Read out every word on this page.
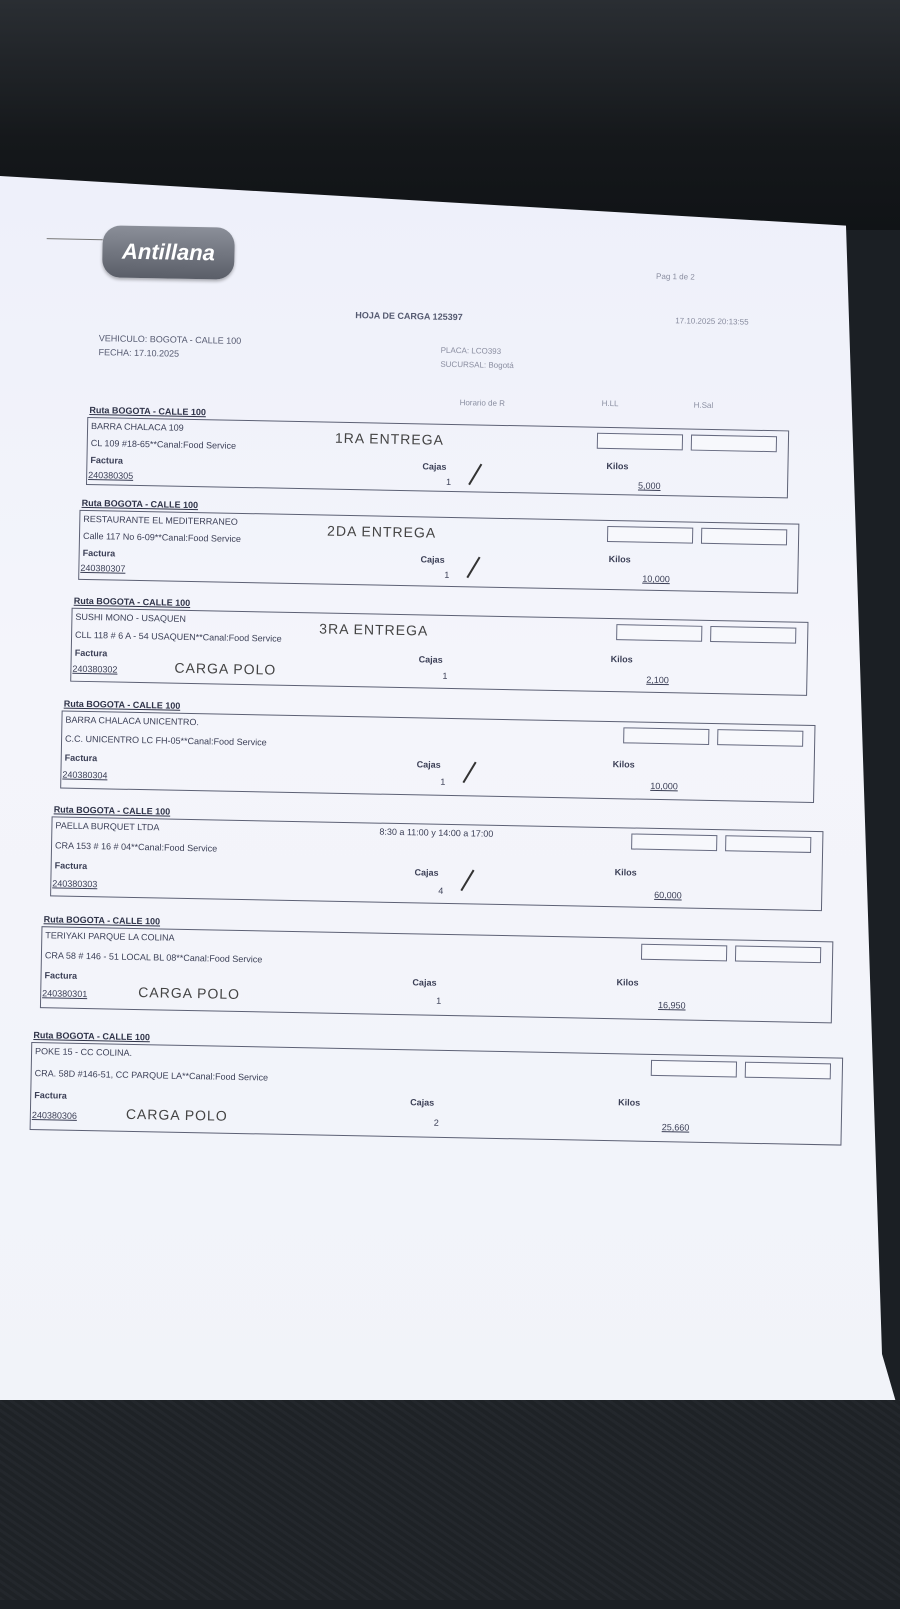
Antillana
Pag 1 de 2
HOJA DE CARGA 125397	17.10.2025 20:13:55
VEHICULO: BOGOTA - CALLE 100
FECHA: 17.10.2025	PLACA: LCO393
SUCURSAL: Bogotá
Horario de R	H.LL	H.Sal
Ruta BOGOTA - CALLE 100
BARRA CHALACA 109
CL 109 #18-65**Canal:Food Service
Factura
240380305
Cajas
1
Kilos
5,000
1RA ENTREGA
Ruta BOGOTA - CALLE 100
RESTAURANTE EL MEDITERRANEO
Calle 117 No 6-09**Canal:Food Service
Factura
240380307
Cajas
1
Kilos
10,000
2DA ENTREGA
Ruta BOGOTA - CALLE 100
SUSHI MONO - USAQUEN
CLL 118 # 6 A - 54 USAQUEN**Canal:Food Service
Factura
240380302
Cajas
1
Kilos
2,100
3RA ENTREGA
CARGA POLO
Ruta BOGOTA - CALLE 100
BARRA CHALACA UNICENTRO.
C.C. UNICENTRO LC FH-05**Canal:Food Service
Factura
240380304
Cajas
1
Kilos
10,000
Ruta BOGOTA - CALLE 100
PAELLA BURQUET LTDA
CRA 153 # 16 # 04**Canal:Food Service
Factura
240380303
Cajas
4
Kilos
60,000
8:30 a 11:00 y 14:00 a 17:00
Ruta BOGOTA - CALLE 100
TERIYAKI PARQUE LA COLINA
CRA 58 # 146 - 51 LOCAL BL 08**Canal:Food Service
Factura
240380301
Cajas
1
Kilos
16,950
CARGA POLO
Ruta BOGOTA - CALLE 100
POKE 15 - CC COLINA.
CRA. 58D #146-51, CC PARQUE LA**Canal:Food Service
Factura
240380306
Cajas
2
Kilos
25,660
CARGA POLO
